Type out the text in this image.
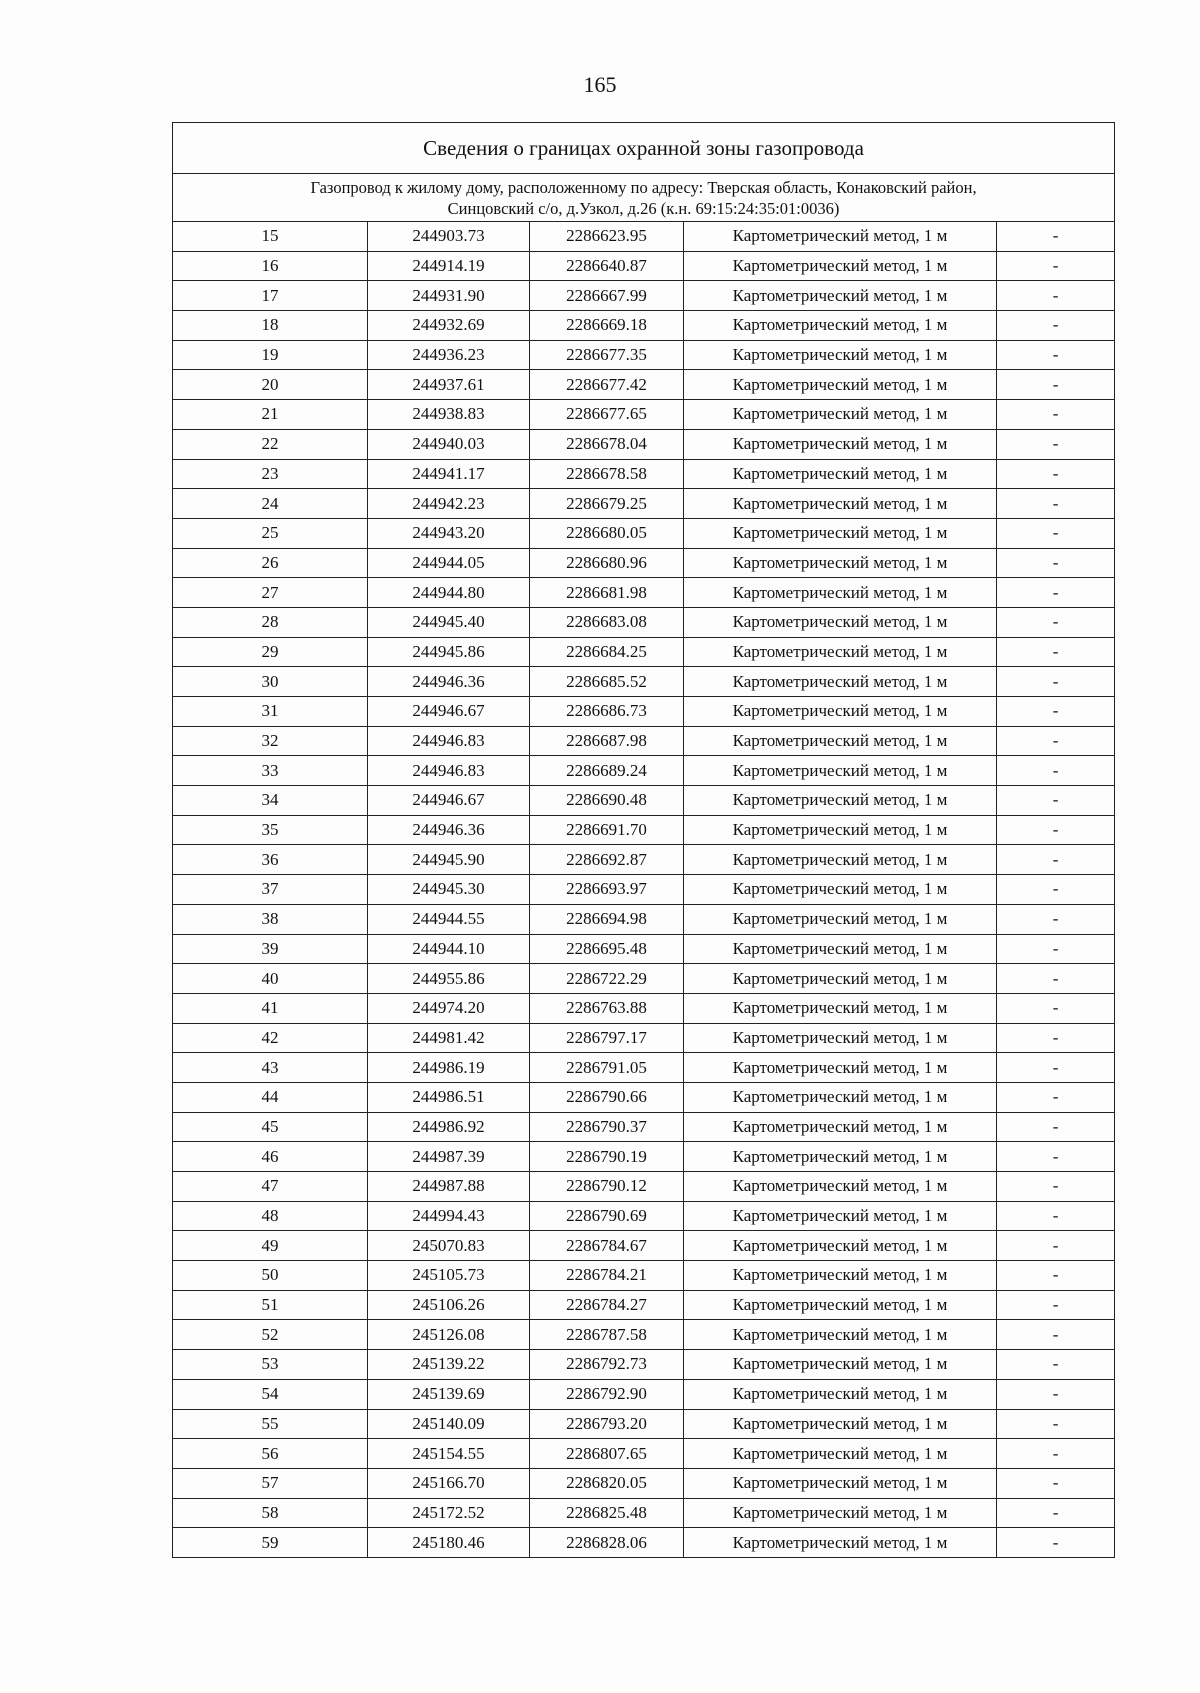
165
Сведения о границах охранной зоны газопровода				
Газопровод к жилому дому, расположенному по адресу: Тверская область, Конаковский район,
Синцовский с/о, д.Узкол, д.26 (к.н. 69:15:24:35:01:0036)				
15	244903.73	2286623.95	Картометрический метод, 1 м	-
16	244914.19	2286640.87	Картометрический метод, 1 м	-
17	244931.90	2286667.99	Картометрический метод, 1 м	-
18	244932.69	2286669.18	Картометрический метод, 1 м	-
19	244936.23	2286677.35	Картометрический метод, 1 м	-
20	244937.61	2286677.42	Картометрический метод, 1 м	-
21	244938.83	2286677.65	Картометрический метод, 1 м	-
22	244940.03	2286678.04	Картометрический метод, 1 м	-
23	244941.17	2286678.58	Картометрический метод, 1 м	-
24	244942.23	2286679.25	Картометрический метод, 1 м	-
25	244943.20	2286680.05	Картометрический метод, 1 м	-
26	244944.05	2286680.96	Картометрический метод, 1 м	-
27	244944.80	2286681.98	Картометрический метод, 1 м	-
28	244945.40	2286683.08	Картометрический метод, 1 м	-
29	244945.86	2286684.25	Картометрический метод, 1 м	-
30	244946.36	2286685.52	Картометрический метод, 1 м	-
31	244946.67	2286686.73	Картометрический метод, 1 м	-
32	244946.83	2286687.98	Картометрический метод, 1 м	-
33	244946.83	2286689.24	Картометрический метод, 1 м	-
34	244946.67	2286690.48	Картометрический метод, 1 м	-
35	244946.36	2286691.70	Картометрический метод, 1 м	-
36	244945.90	2286692.87	Картометрический метод, 1 м	-
37	244945.30	2286693.97	Картометрический метод, 1 м	-
38	244944.55	2286694.98	Картометрический метод, 1 м	-
39	244944.10	2286695.48	Картометрический метод, 1 м	-
40	244955.86	2286722.29	Картометрический метод, 1 м	-
41	244974.20	2286763.88	Картометрический метод, 1 м	-
42	244981.42	2286797.17	Картометрический метод, 1 м	-
43	244986.19	2286791.05	Картометрический метод, 1 м	-
44	244986.51	2286790.66	Картометрический метод, 1 м	-
45	244986.92	2286790.37	Картометрический метод, 1 м	-
46	244987.39	2286790.19	Картометрический метод, 1 м	-
47	244987.88	2286790.12	Картометрический метод, 1 м	-
48	244994.43	2286790.69	Картометрический метод, 1 м	-
49	245070.83	2286784.67	Картометрический метод, 1 м	-
50	245105.73	2286784.21	Картометрический метод, 1 м	-
51	245106.26	2286784.27	Картометрический метод, 1 м	-
52	245126.08	2286787.58	Картометрический метод, 1 м	-
53	245139.22	2286792.73	Картометрический метод, 1 м	-
54	245139.69	2286792.90	Картометрический метод, 1 м	-
55	245140.09	2286793.20	Картометрический метод, 1 м	-
56	245154.55	2286807.65	Картометрический метод, 1 м	-
57	245166.70	2286820.05	Картометрический метод, 1 м	-
58	245172.52	2286825.48	Картометрический метод, 1 м	-
59	245180.46	2286828.06	Картометрический метод, 1 м	-
